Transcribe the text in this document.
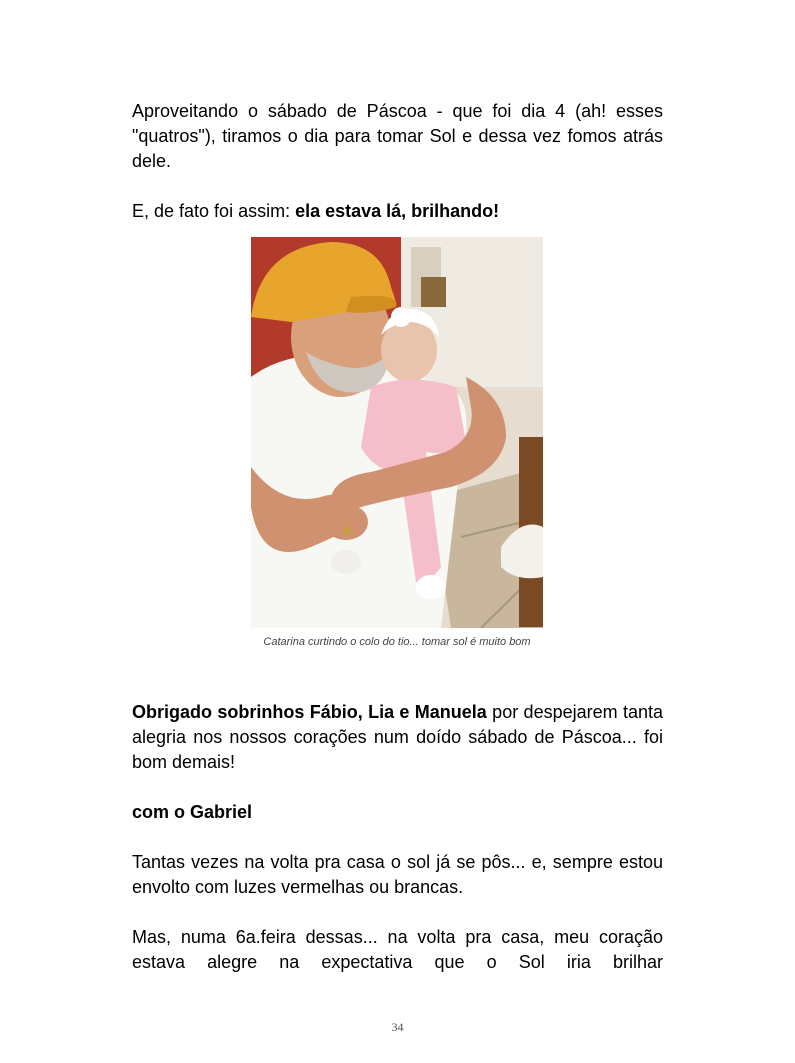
Aproveitando o sábado de Páscoa - que foi dia 4 (ah! esses "quatros"), tiramos o dia para tomar Sol e dessa vez fomos atrás dele.

E, de fato foi assim: ela estava lá, brilhando!

Catarina curtindo o colo do tio... tomar sol é muito bom

Obrigado sobrinhos Fábio, Lia e Manuela por despejarem tanta alegria nos nossos corações num doído sábado de Páscoa... foi bom demais!

com o Gabriel

Tantas vezes na volta pra casa o sol já se pôs... e, sempre estou envolto com luzes vermelhas ou brancas.

Mas, numa 6a.feira dessas... na volta pra casa, meu coração estava alegre na expectativa que o Sol iria brilhar

34
